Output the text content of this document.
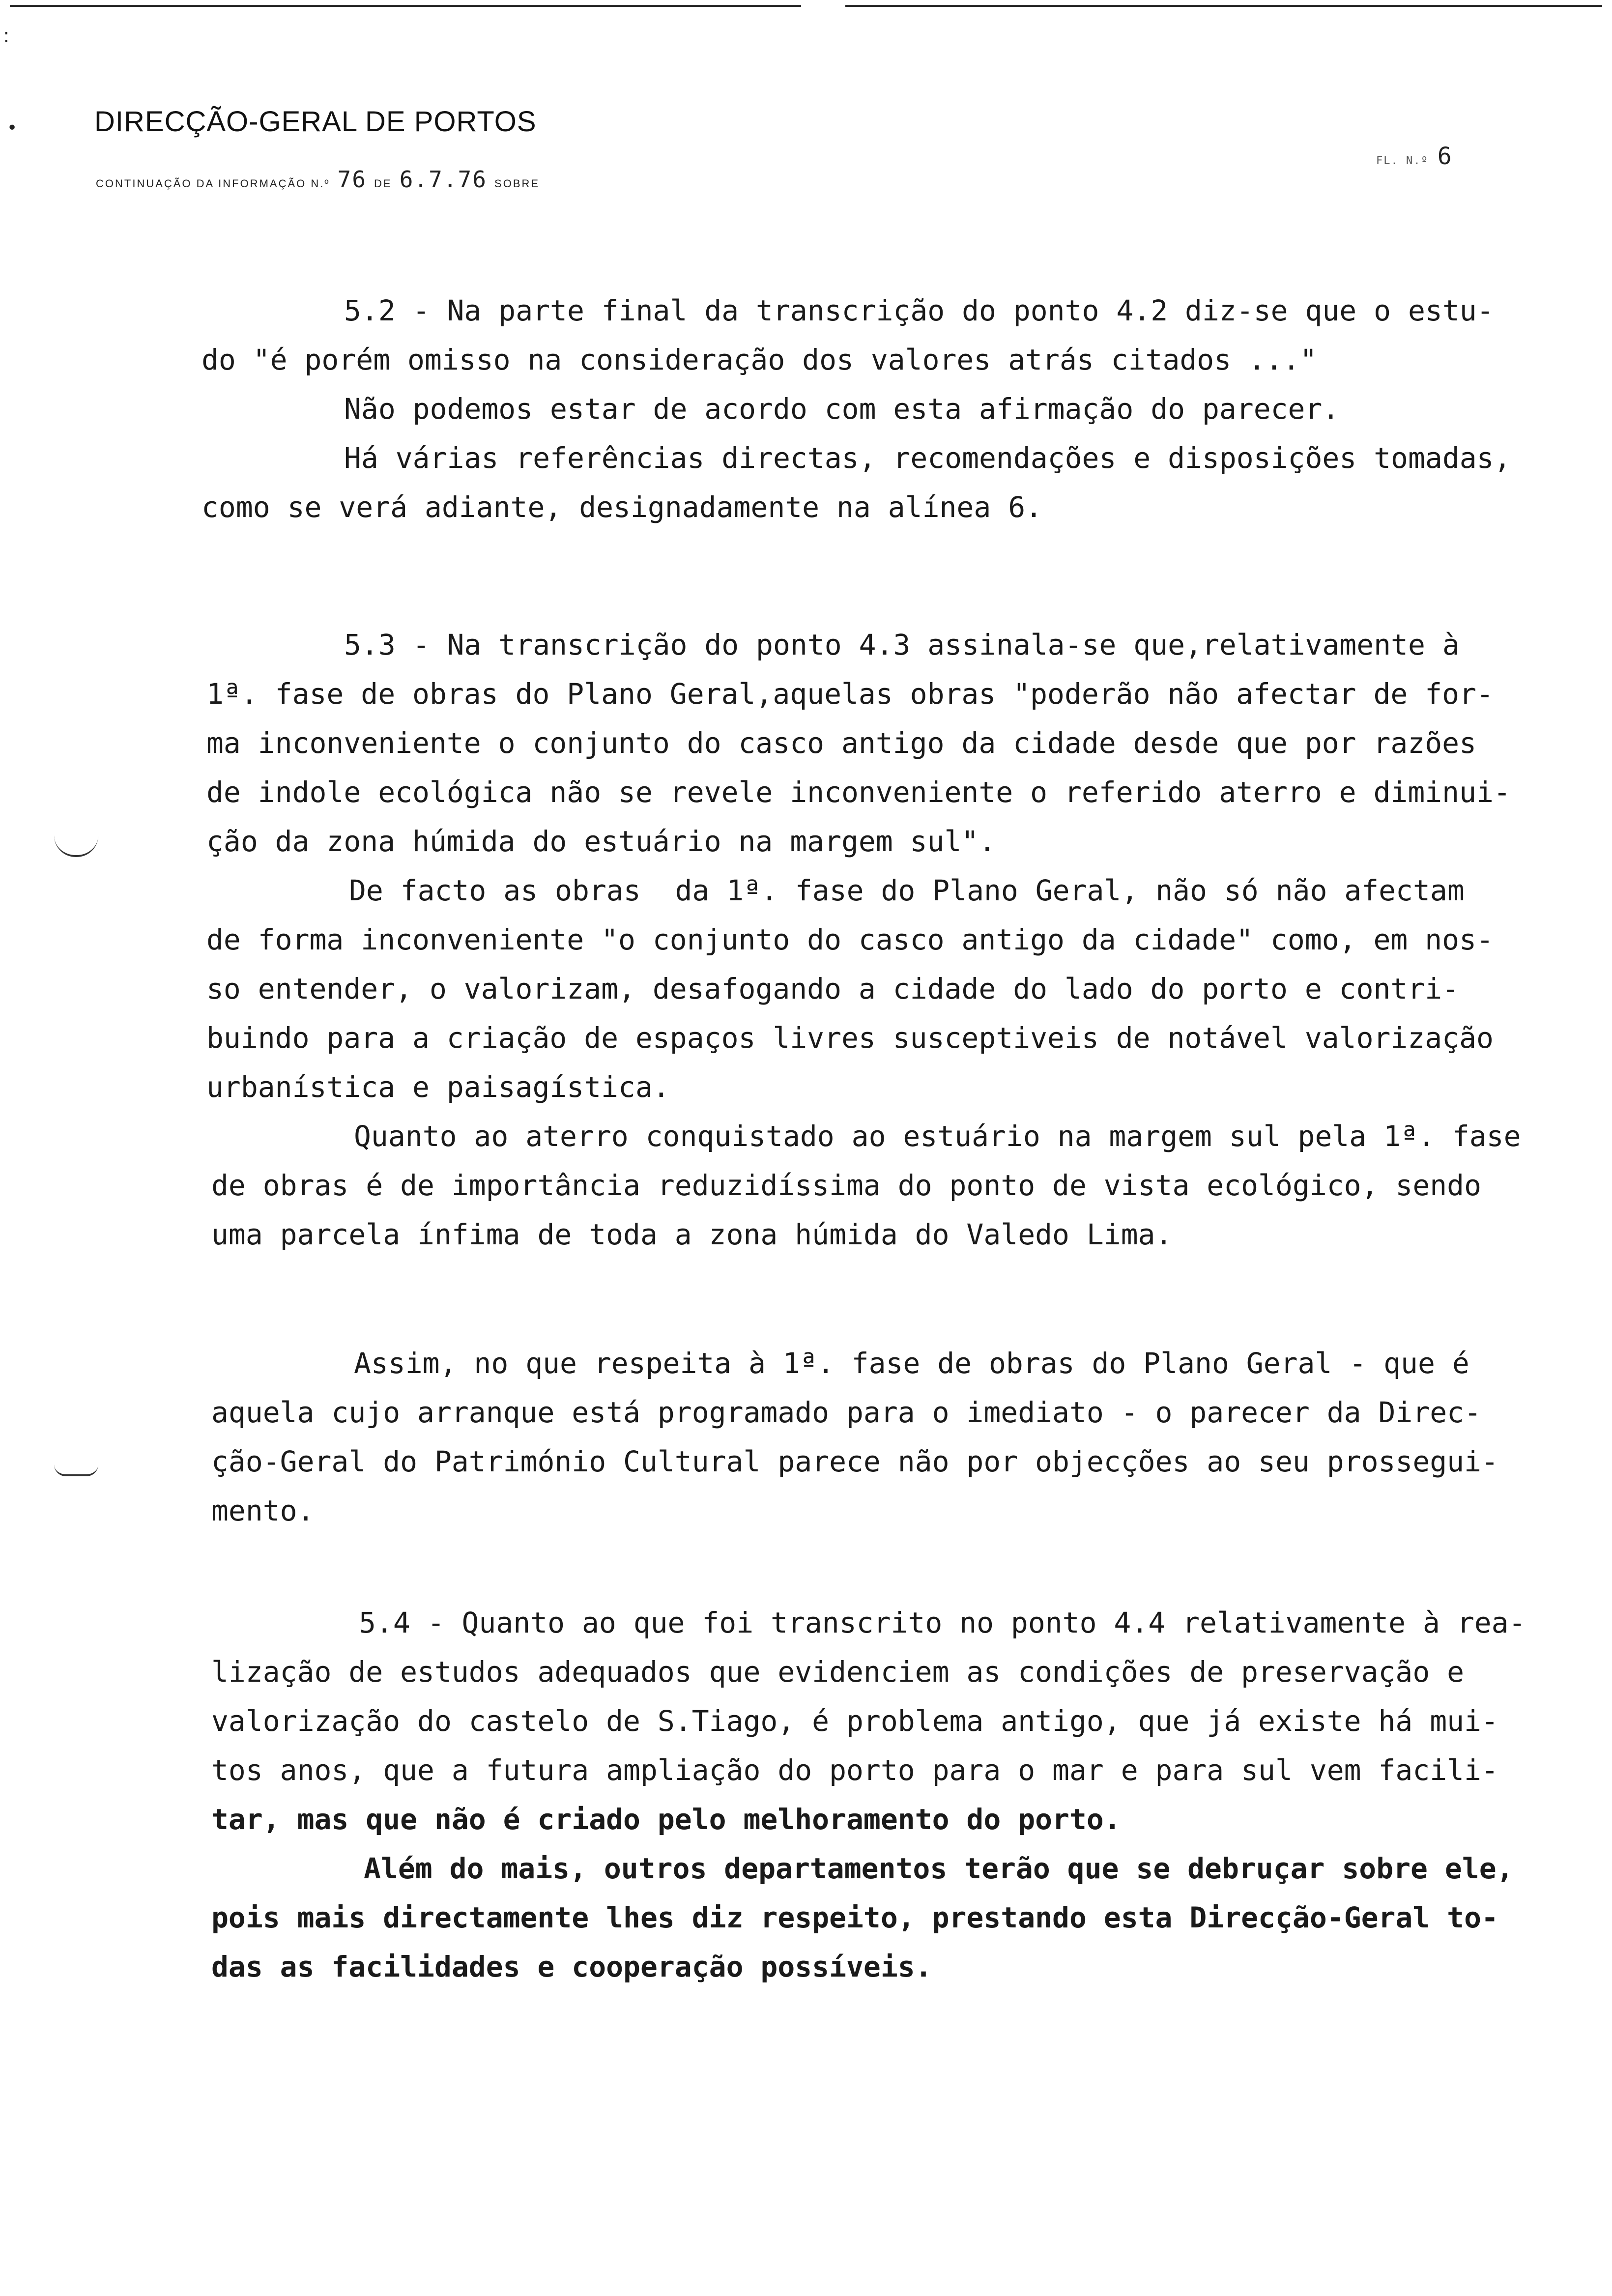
:
•	DIRECÇÃO-GERAL DE PORTOS
CONTINUAÇÃO DA INFORMAÇÃO N.º 76 DE 6.7.76 SOBRE
FL. N.º 6
5.2 - Na parte final da transcrição do ponto 4.2 diz-se que o estu-
do "é porém omisso na consideração dos valores atrás citados ..."
Não podemos estar de acordo com esta afirmação do parecer.
Há várias referências directas, recomendações e disposições tomadas,
como se verá adiante, designadamente na alínea 6.
5.3 - Na transcrição do ponto 4.3 assinala-se que,relativamente à
1ª. fase de obras do Plano Geral,aquelas obras "poderão não afectar de for-
ma inconveniente o conjunto do casco antigo da cidade desde que por razões
de indole ecológica não se revele inconveniente o referido aterro e diminui-
ção da zona húmida do estuário na margem sul".
De facto as obras  da 1ª. fase do Plano Geral, não só não afectam
de forma inconveniente "o conjunto do casco antigo da cidade" como, em nos-
so entender, o valorizam, desafogando a cidade do lado do porto e contri-
buindo para a criação de espaços livres susceptiveis de notável valorização
urbanística e paisagística.
Quanto ao aterro conquistado ao estuário na margem sul pela 1ª. fase
de obras é de importância reduzidíssima do ponto de vista ecológico, sendo
uma parcela ínfima de toda a zona húmida do Valedo Lima.
Assim, no que respeita à 1ª. fase de obras do Plano Geral - que é
aquela cujo arranque está programado para o imediato - o parecer da Direc-
ção-Geral do Património Cultural parece não por objecções ao seu prossegui-
mento.
5.4 - Quanto ao que foi transcrito no ponto 4.4 relativamente à rea-
lização de estudos adequados que evidenciem as condições de preservação e
valorização do castelo de S.Tiago, é problema antigo, que já existe há mui-
tos anos, que a futura ampliação do porto para o mar e para sul vem facili-
tar, mas que não é criado pelo melhoramento do porto.
Além do mais, outros departamentos terão que se debruçar sobre ele,
pois mais directamente lhes diz respeito, prestando esta Direcção-Geral to-
das as facilidades e cooperação possíveis.
